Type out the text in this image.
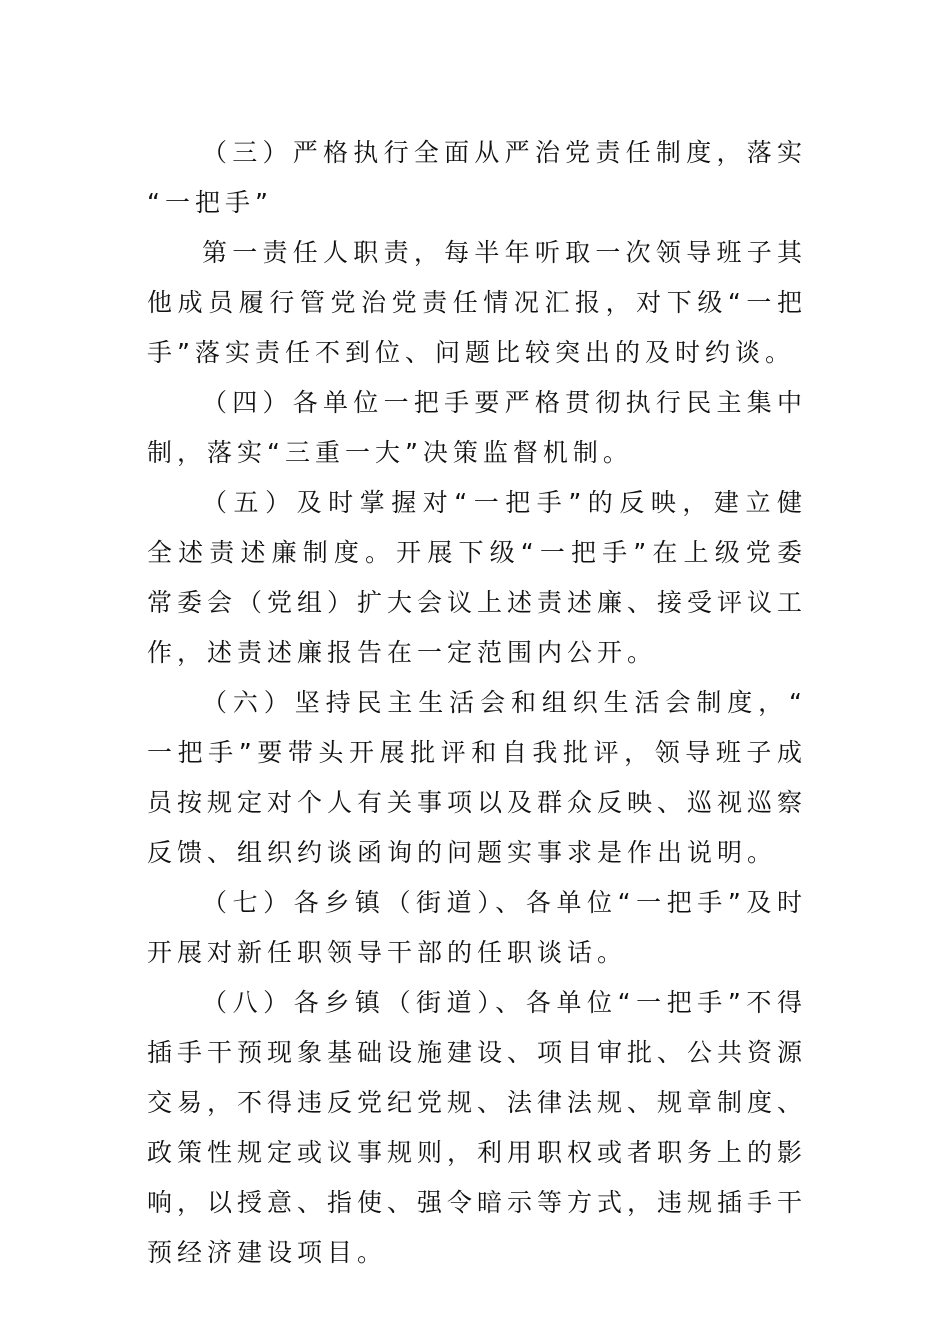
（三）严格执行全面从严治党责任制度，落实“一把手”

第一责任人职责，每半年听取一次领导班子其他成员履行管党治党责任情况汇报，对下级“一把手”落实责任不到位、问题比较突出的及时约谈。

（四）各单位一把手要严格贯彻执行民主集中制，落实“三重一大”决策监督机制。

（五）及时掌握对“一把手”的反映，建立健全述责述廉制度。开展下级“一把手”在上级党委常委会（党组）扩大会议上述责述廉、接受评议工作，述责述廉报告在一定范围内公开。

（六）坚持民主生活会和组织生活会制度，“一把手”要带头开展批评和自我批评，领导班子成员按规定对个人有关事项以及群众反映、巡视巡察反馈、组织约谈函询的问题实事求是作出说明。

（七）各乡镇（街道）、各单位“一把手”及时开展对新任职领导干部的任职谈话。

（八）各乡镇（街道）、各单位“一把手”不得插手干预现象基础设施建设、项目审批、公共资源交易，不得违反党纪党规、法律法规、规章制度、政策性规定或议事规则，利用职权或者职务上的影响，以授意、指使、强令暗示等方式，违规插手干预经济建设项目。
